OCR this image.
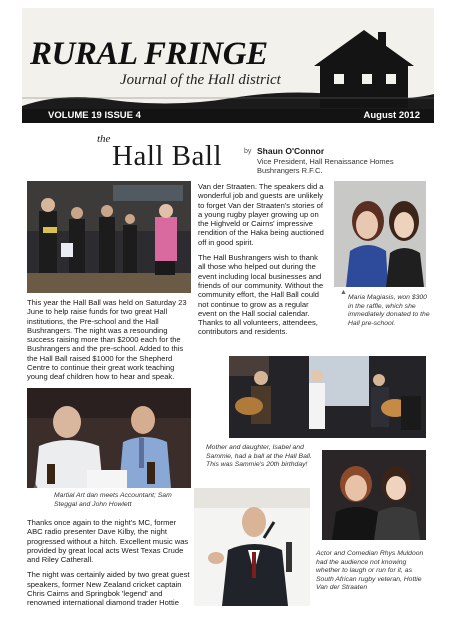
RURAL FRINGE
Journal of the Hall district
VOLUME 19 ISSUE 4	August 2012
the
Hall Ball	by Shaun O'Connor
Vice President, Hall Renaissance Homes Bushrangers R.F.C.
▲

This year the Hall Ball was held on Saturday 23 June to help raise funds for two great Hall institutions, the Pre-school and the Hall Bushrangers. The night was a resounding success raising more than $2000 each for the Bushrangers and the pre-school. Added to this the Hall Ball raised $1000 for the Shepherd Centre to continue their great work teaching young deaf children how to hear and speak.

Thanks once again to the night's MC, former ABC radio presenter Dave Kilby, the night progressed without a hitch. Excellent music was provided by great local acts West Texas Crude and Riley Catherall.

The night was certainly aided by two great guest speakers, former New Zealand cricket captain Chris Cairns and Springbok 'legend' and renowned international diamond trader Hottie

Van der Straaten. The speakers did a wonderful job and guests are unlikely to forget Van der Straaten's stories of a young rugby player growing up on the Highveld or Cairns' impressive rendition of the Haka being auctioned off in good spirit.

The Hall Bushrangers wish to thank all those who helped out during the event including local businesses and friends of our community. Without the community effort, the Hall Ball could not continue to grow as a regular event on the Hall social calendar. Thanks to all volunteers, attendees, contributors and residents.

▲
Maria Magiasis, won $300 in the raffle, which she immediately donated to the Hall pre-school.
Mother and daughter, Isabel and Sammie, had a ball at the Hall Ball. This was Sammie's 20th birthday!
Martial Art dan meets Accountant; Sam Steggal and John Howlett
Actor and Comedian Rhys Muldoon had the audience not knowing whether to laugh or run for it, as South African rugby veteran, Hottie Van der Straaten
